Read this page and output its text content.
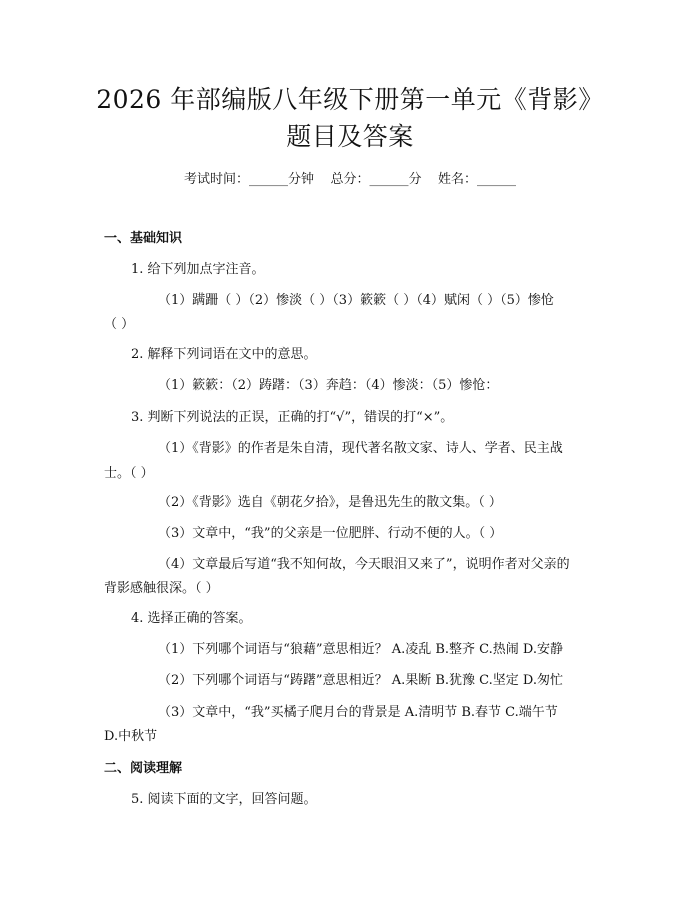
2026 年部编版八年级下册第一单元《背影》
题目及答案
考试时间：______分钟    总分：______分    姓名：______
一、基础知识
1. 给下列加点字注音。
（1）蹒跚（ ）（2）惨淡（ ）（3）簌簌（ ）（4）赋闲（ ）（5）惨怆
（ ）
2. 解释下列词语在文中的意思。
（1）簌簌：（2）踌躇：（3）奔趋：（4）惨淡：（5）惨怆：
3. 判断下列说法的正误，正确的打“√”，错误的打“×”。
（1）《背影》的作者是朱自清，现代著名散文家、诗人、学者、民主战
士。（ ）
（2）《背影》选自《朝花夕拾》，是鲁迅先生的散文集。（ ）
（3）文章中，“我”的父亲是一位肥胖、行动不便的人。（ ）
（4）文章最后写道“我不知何故，今天眼泪又来了”，说明作者对父亲的
背影感触很深。（ ）
4. 选择正确的答案。
（1）下列哪个词语与“狼藉”意思相近？ A.凌乱 B.整齐 C.热闹 D.安静
（2）下列哪个词语与“踌躇”意思相近？ A.果断 B.犹豫 C.坚定 D.匆忙
（3）文章中，“我”买橘子爬月台的背景是 A.清明节 B.春节 C.端午节
D.中秋节
二、阅读理解
5. 阅读下面的文字，回答问题。
